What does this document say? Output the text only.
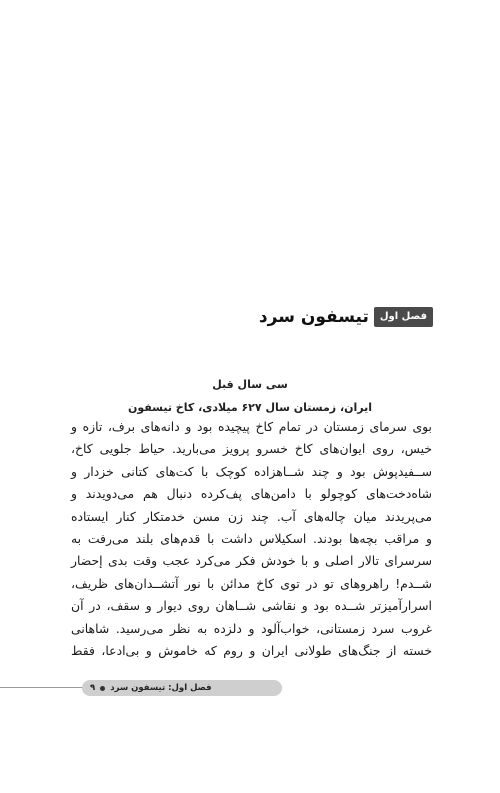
فصل اول
تیسفون سرد
سی سال قبل
ایران، زمستان سال ۶۲۷ میلادی، کاخ تیسفون

بوی سرمای زمستان در تمام کاخ پیچیده بود و دانه‌های برف، تازه و

خیس، روی ایوان‌های کاخ خسرو پرویز می‌بارید. حیاط جلویی کاخ،

ســفیدپوش بود و چند شــاهزاده کوچک با کت‌های کتانی خزدار و

شاه‌دخت‌های کوچولو با دامن‌های پف‌کرده دنبال هم می‌دویدند و

می‌پریدند میان چاله‌های آب. چند زن مسن خدمتکار کنار ایستاده

و مراقب بچه‌ها بودند. اسکیلاس داشت با قدم‌های بلند می‌رفت به

سرسرای تالار اصلی و با خودش فکر می‌کرد عجب وقت بدی إحضار

شــدم! راهروهای تو در توی کاخ مدائن با نور آتشــدان‌های ظریف،

اسرارآمیزتر شــده بود و نقاشی شــاهان روی دیوار و سقف، در آن

غروب سرد زمستانی، خواب‌آلود و دلزده به نظر می‌رسید. شاهانی

خسته از جنگ‌های طولانی ایران و روم که خاموش و بی‌ادعا، فقط

فصل اول: تیسفون سرد
۹
